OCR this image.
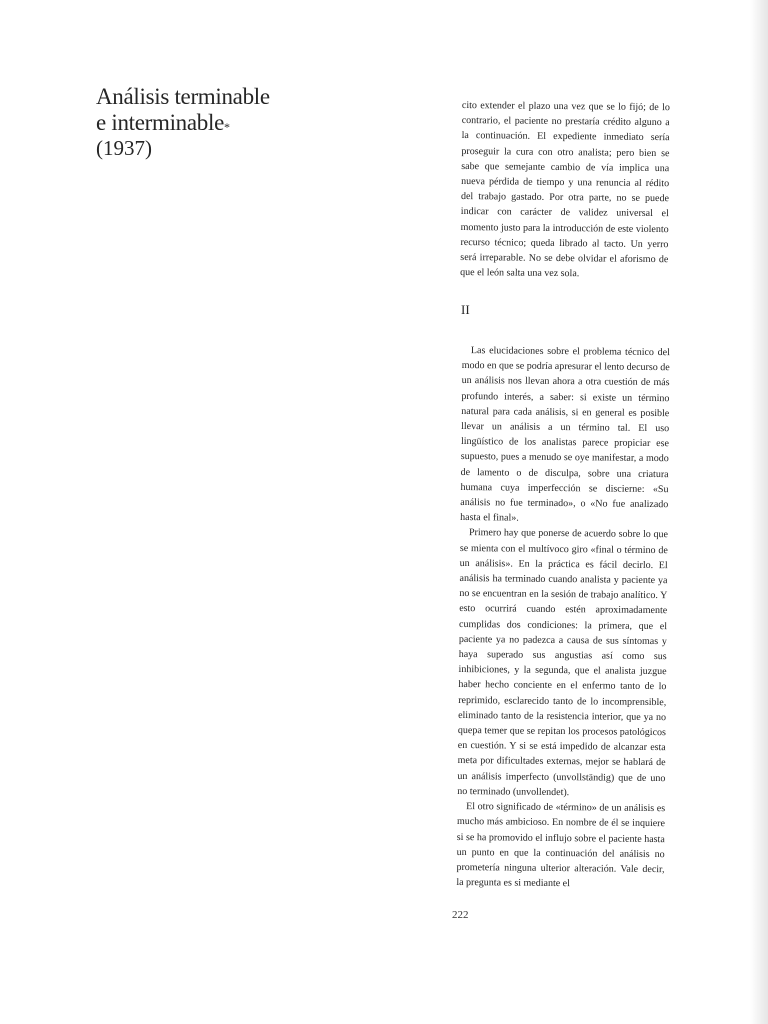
Análisis terminable
e interminable*
(1937)

cito extender el plazo una vez que se lo fijó; de lo contrario, el paciente no prestaría crédito alguno a la continuación. El expediente inmediato sería proseguir la cura con otro analista; pero bien se sabe que semejante cambio de vía implica una nueva pérdida de tiempo y una renuncia al rédito del trabajo gastado. Por otra parte, no se puede indicar con carácter de validez universal el momento justo para la introducción de este violento recurso técnico; queda librado al tacto. Un yerro será irreparable. No se debe olvidar el aforismo de que el león salta una vez sola.

II

Las elucidaciones sobre el problema técnico del modo en que se podría apresurar el lento decurso de un análisis nos llevan ahora a otra cuestión de más profundo interés, a saber: si existe un término natural para cada análisis, si en general es posible llevar un análisis a un término tal. El uso lingüístico de los analistas parece propiciar ese supuesto, pues a menudo se oye manifestar, a modo de lamento o de disculpa, sobre una criatura humana cuya imperfección se discierne: «Su análisis no fue terminado», o «No fue analizado hasta el final».

Primero hay que ponerse de acuerdo sobre lo que se mienta con el multívoco giro «final o término de un análisis». En la práctica es fácil decirlo. El análisis ha terminado cuando analista y paciente ya no se encuentran en la sesión de trabajo analítico. Y esto ocurrirá cuando estén aproximadamente cumplidas dos condiciones: la primera, que el paciente ya no padezca a causa de sus síntomas y haya superado sus angustias así como sus inhibiciones, y la segunda, que el analista juzgue haber hecho conciente en el enfermo tanto de lo reprimido, esclarecido tanto de lo incomprensible, eliminado tanto de la resistencia interior, que ya no quepa temer que se repitan los procesos patológicos en cuestión. Y si se está impedido de alcanzar esta meta por dificultades externas, mejor se hablará de un análisis imperfecto (unvollständig) que de uno no terminado (unvollendet).

El otro significado de «término» de un análisis es mucho más ambicioso. En nombre de él se inquiere si se ha promovido el influjo sobre el paciente hasta un punto en que la continuación del análisis no prometería ninguna ulterior alteración. Vale decir, la pregunta es si mediante el

222
